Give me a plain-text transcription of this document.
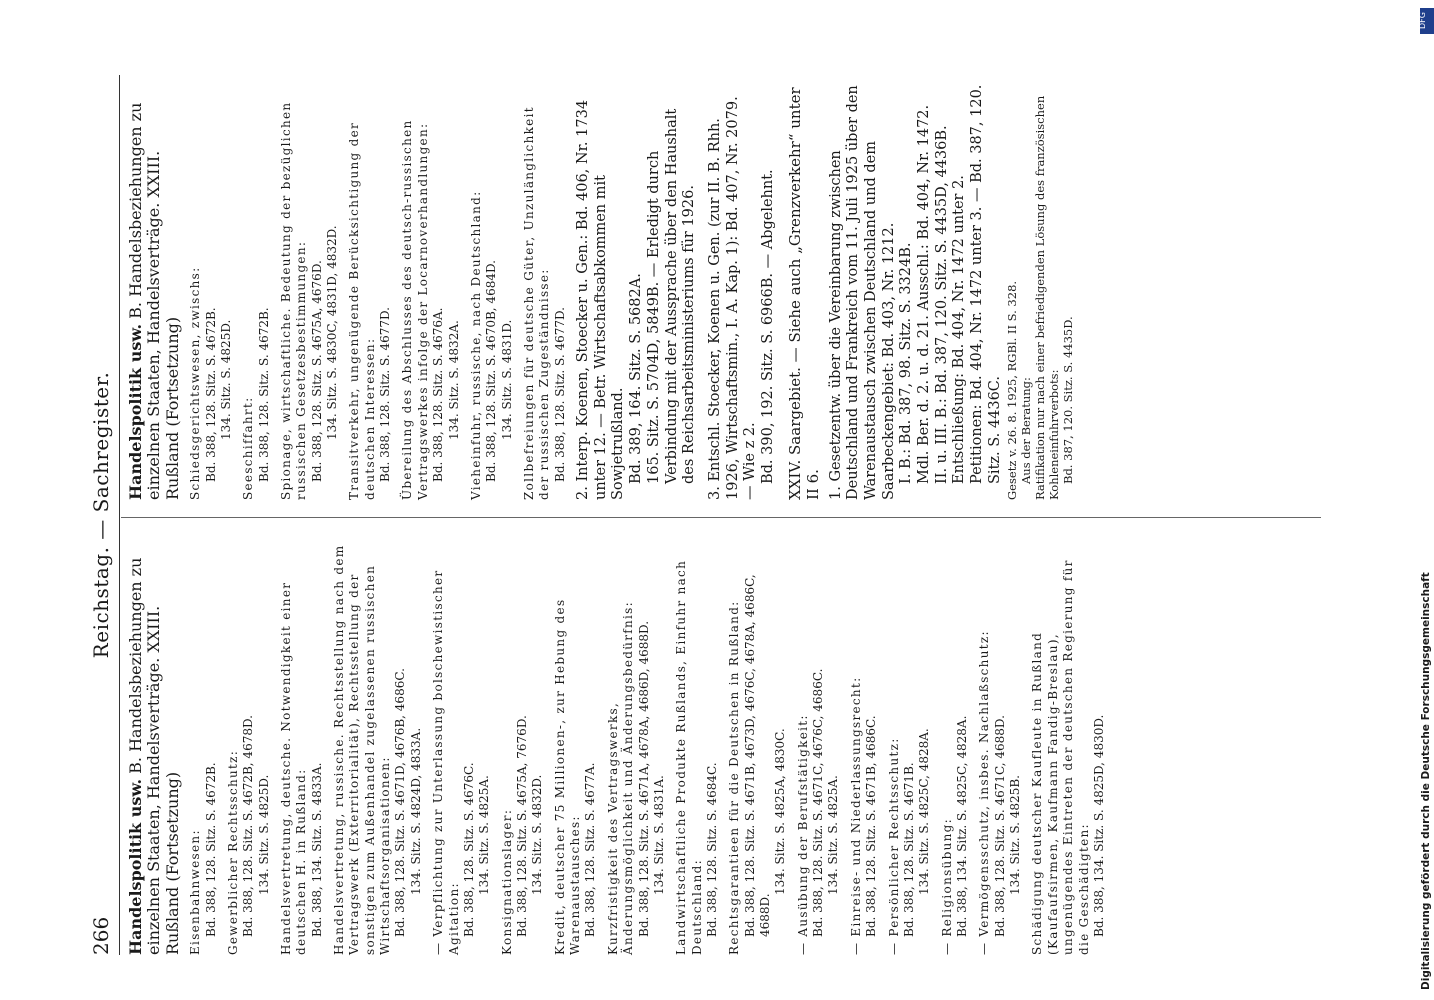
266
Reichstag. — Sachregister.
Handelspolitik usw. B. Handelsbeziehungen zu einzelnen Staaten, Handelsverträge. XXIII. Rußland (Fortsetzung) Eisenbahnwesen: Bd. 388, 128. Sitz. S. 4672B. Gewerblicher Rechtsschutz: Bd. 388, 128. Sitz. S. 4672B, 4678D. 134. Sitz. S. 4825D. Handelsvertretung, deutsche. Notwendigkeit einer deutschen H. in Rußland: Bd. 388, 134. Sitz. S. 4833A. Handelsvertretung, russische. Rechtsstellung nach dem Vertragswerk (Exterritorialität), Rechtsstellung der sonstigen zum Außenhandel zugelassenen russischen Wirtschaftsorganisationen: Bd. 388, 128. Sitz. S. 4671D, 4676B, 4686C. 134. Sitz. S. 4824D, 4833A. — Verpflichtung zur Unterlassung bolschewistischer Agitation: Bd. 388, 128. Sitz. S. 4676C. 134. Sitz. S. 4825A. Konsignationslager: Bd. 388, 128. Sitz. S. 4675A, 7676D. 134. Sitz. S. 4832D. Kredit, deutscher 75 Millionen-, zur Hebung des Warenaustausches: Bd. 388, 128. Sitz. S. 4677A. Kurzfristigkeit des Vertragswerks, Änderungsmöglichkeit und Änderungsbedürfnis: Bd. 388, 128. Sitz. S. 4671A, 4678A, 4686D, 4688D. 134. Sitz. S. 4831A. Landwirtschaftliche Produkte Rußlands, Einfuhr nach Deutschland: Bd. 388, 128. Sitz. S. 4684C. Rechtsgarantieen für die Deutschen in Rußland: Bd. 388, 128. Sitz. S. 4671B, 4673D, 4676C, 4678A, 4686C, 4688D.
134. Sitz. S. 4825A, 4830C. — Ausübung der Berufstätigkeit: Bd. 388, 128. Sitz. S. 4671C, 4676C, 4686C. 134. Sitz. S. 4825A. — Einreise- und Niederlassungsrecht: Bd. 388, 128. Sitz. S. 4671B, 4686C. — Persönlicher Rechtsschutz: Bd. 388, 128. Sitz. S. 4671B. 134. Sitz. S. 4825C, 4828A. — Religionsübung: Bd. 388, 134. Sitz. S. 4825C, 4828A. — Vermögensschutz, insbes. Nachlaßschutz: Bd. 388, 128. Sitz. S. 4671C, 4688D. 134. Sitz. S. 4825B. Schädigung deutscher Kaufleute in Rußland (Kaufaufsirmen, Kaufmann Fandig-Breslau), ungenügendes Eintreten der deutschen Regierung für die Geschädigten: Bd. 388, 134. Sitz. S. 4825D, 4830D.
Handelspolitik usw. B. Handelsbeziehungen zu einzelnen Staaten, Handelsverträge. XXIII. Rußland (Fortsetzung) Schiedsgerichtswesen, zwischs: Bd. 388, 128. Sitz. S. 4672B. 134. Sitz. S. 4825D.
Seeschiffahrt: Bd. 388, 128. Sitz. S. 4672B. Spionage, wirtschaftliche. Bedeutung der bezüglichen russischen Gesetzesbestimmungen: Bd. 388, 128. Sitz. S. 4675A, 4676D. 134. Sitz. S. 4830C, 4831D, 4832D. Transitverkehr, ungenügende Berücksichtigung der deutschen Interessen: Bd. 388, 128. Sitz. S. 4677D. Übereilung des Abschlusses des deutsch-russischen Vertragswerkes infolge der Locarnoverhandlungen: Bd. 388, 128. Sitz. S. 4676A. 134. Sitz. S. 4832A. Vieheinfuhr, russische, nach Deutschland: Bd. 388, 128. Sitz. S. 4670B, 4684D. 134. Sitz. S. 4831D. Zollbefreiungen für deutsche Güter, Unzulänglichkeit der russischen Zugeständnisse: Bd. 388, 128. Sitz. S. 4677D. 2. Interp. Koenen, Stoecker u. Gen.: Bd. 406, Nr. 1734 unter 12. — Betr. Wirtschaftsabkommen mit Sowjetrußland. Bd. 389, 164. Sitz. S. 5682A. 165. Sitz. S. 5704D, 5849B. — Erledigt durch Verbindung mit der Aussprache über den Haushalt des Reichsarbeitsministeriums für 1926. 3. Entschl. Stoecker, Koenen u. Gen. (zur II. B. Rhh. 1926, Wirtschaftsmin., I. A. Kap. 1): Bd. 407, Nr. 2079. — Wie z 2. Bd. 390, 192. Sitz. S. 6966B. — Abgelehnt. XXIV. Saargebiet. — Siehe auch „Grenzverkehr“ unter II 6. 1. Gesetzentw. über die Vereinbarung zwischen Deutschland und Frankreich vom 11. Juli 1925 über den Warenaustausch zwischen Deutschland und dem Saarbeckengebiet: Bd. 403, Nr. 1212. I. B.: Bd. 387, 98. Sitz. S. 3324B. Mdl. Ber. d. 2. u. d. 21. Ausschl.: Bd. 404, Nr. 1472. II. u. III. B.: Bd. 387, 120. Sitz. S. 4435D, 4436B. Entschließung: Bd. 404, Nr. 1472 unter 2. Petitionen: Bd. 404, Nr. 1472 unter 3. — Bd. 387, 120. Sitz. S. 4436C. Gesetz v. 26. 8. 1925, RGBl. II S. 328. Aus der Beratung: Ratifikation nur nach einer befriedigenden Lösung des französischen Kohleneinfuhrverbots: Bd. 387, 120. Sitz. S. 4435D.
Digitalisierung gefördert durch die Deutsche Forschungsgemeinschaft
DFG
